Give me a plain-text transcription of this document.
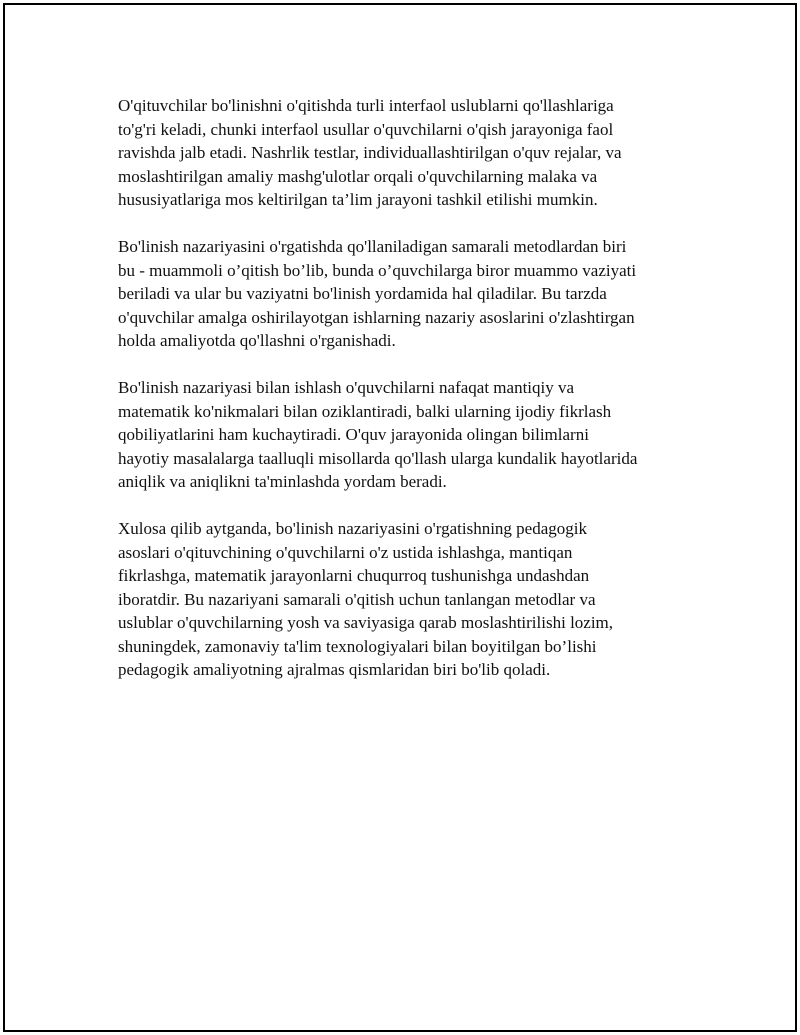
O'qituvchilar bo'linishni o'qitishda turli interfaol uslublarni qo'llashlariga
to'g'ri keladi, chunki interfaol usullar o'quvchilarni o'qish jarayoniga faol
ravishda jalb etadi. Nashrlik testlar, individuallashtirilgan o'quv rejalar, va
moslashtirilgan amaliy mashg'ulotlar orqali o'quvchilarning malaka va
hususiyatlariga mos keltirilgan ta’lim jarayoni tashkil etilishi mumkin.

Bo'linish nazariyasini o'rgatishda qo'llaniladigan samarali metodlardan biri
bu - muammoli o’qitish bo’lib, bunda o’quvchilarga biror muammo vaziyati
beriladi va ular bu vaziyatni bo'linish yordamida hal qiladilar. Bu tarzda
o'quvchilar amalga oshirilayotgan ishlarning nazariy asoslarini o'zlashtirgan
holda amaliyotda qo'llashni o'rganishadi.

Bo'linish nazariyasi bilan ishlash o'quvchilarni nafaqat mantiqiy va
matematik ko'nikmalari bilan oziklantiradi, balki ularning ijodiy fikrlash
qobiliyatlarini ham kuchaytiradi. O'quv jarayonida olingan bilimlarni
hayotiy masalalarga taalluqli misollarda qo'llash ularga kundalik hayotlarida
aniqlik va aniqlikni ta'minlashda yordam beradi.

Xulosa qilib aytganda, bo'linish nazariyasini o'rgatishning pedagogik
asoslari o'qituvchining o'quvchilarni o'z ustida ishlashga, mantiqan
fikrlashga, matematik jarayonlarni chuqurroq tushunishga undashdan
iboratdir. Bu nazariyani samarali o'qitish uchun tanlangan metodlar va
uslublar o'quvchilarning yosh va saviyasiga qarab moslashtirilishi lozim,
shuningdek, zamonaviy ta'lim texnologiyalari bilan boyitilgan bo’lishi
pedagogik amaliyotning ajralmas qismlaridan biri bo'lib qoladi.
